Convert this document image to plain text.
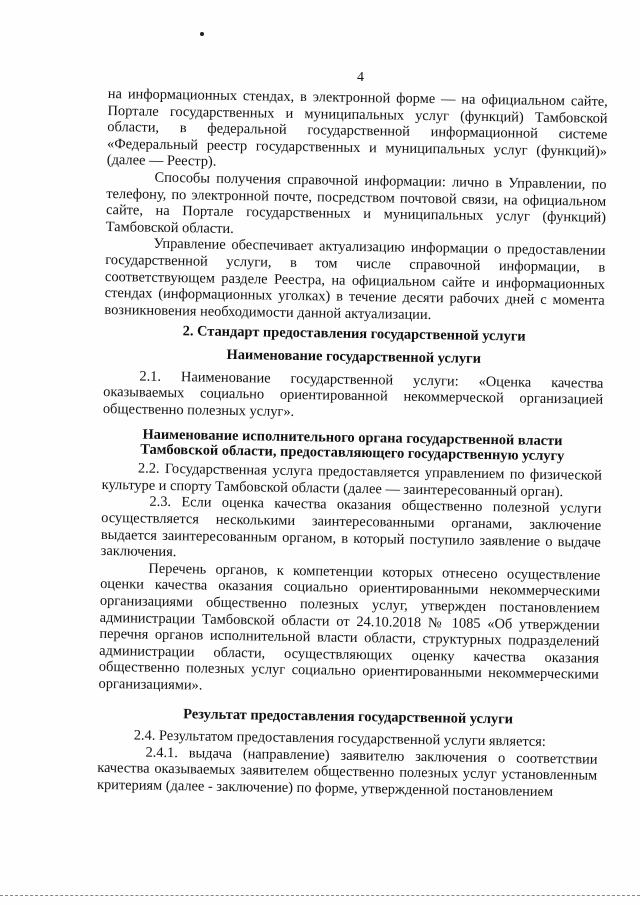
4

на информационных стендах, в электронной форме — на официальном сайте, Портале государственных и муниципальных услуг (функций) Тамбовской области, в федеральной государственной информационной системе «Федеральный реестр государственных и муниципальных услуг (функций)» (далее — Реестр).

Способы получения справочной информации: лично в Управлении, по телефону, по электронной почте, посредством почтовой связи, на официальном сайте, на Портале государственных и муниципальных услуг (функций) Тамбовской области.

Управление обеспечивает актуализацию информации о предоставлении государственной услуги, в том числе справочной информации, в соответствующем разделе Реестра, на официальном сайте и информационных стендах (информационных уголках) в течение десяти рабочих дней с момента возникновения необходимости данной актуализации.

2. Стандарт предоставления государственной услуги

Наименование государственной услуги

2.1. Наименование государственной услуги: «Оценка качества оказываемых социально ориентированной некоммерческой организацией общественно полезных услуг».

Наименование исполнительного органа государственной власти Тамбовской области, предоставляющего государственную услугу

2.2. Государственная услуга предоставляется управлением по физической культуре и спорту Тамбовской области (далее — заинтересованный орган).

2.3. Если оценка качества оказания общественно полезной услуги осуществляется несколькими заинтересованными органами, заключение выдается заинтересованным органом, в который поступило заявление о выдаче заключения.

Перечень органов, к компетенции которых отнесено осуществление оценки качества оказания социально ориентированными некоммерческими организациями общественно полезных услуг, утвержден постановлением администрации Тамбовской области от 24.10.2018 № 1085 «Об утверждении перечня органов исполнительной власти области, структурных подразделений администрации области, осуществляющих оценку качества оказания общественно полезных услуг социально ориентированными некоммерческими организациями».

Результат предоставления государственной услуги

2.4. Результатом предоставления государственной услуги является:

2.4.1. выдача (направление) заявителю заключения о соответствии качества оказываемых заявителем общественно полезных услуг установленным критериям (далее - заключение) по форме, утвержденной постановлением
